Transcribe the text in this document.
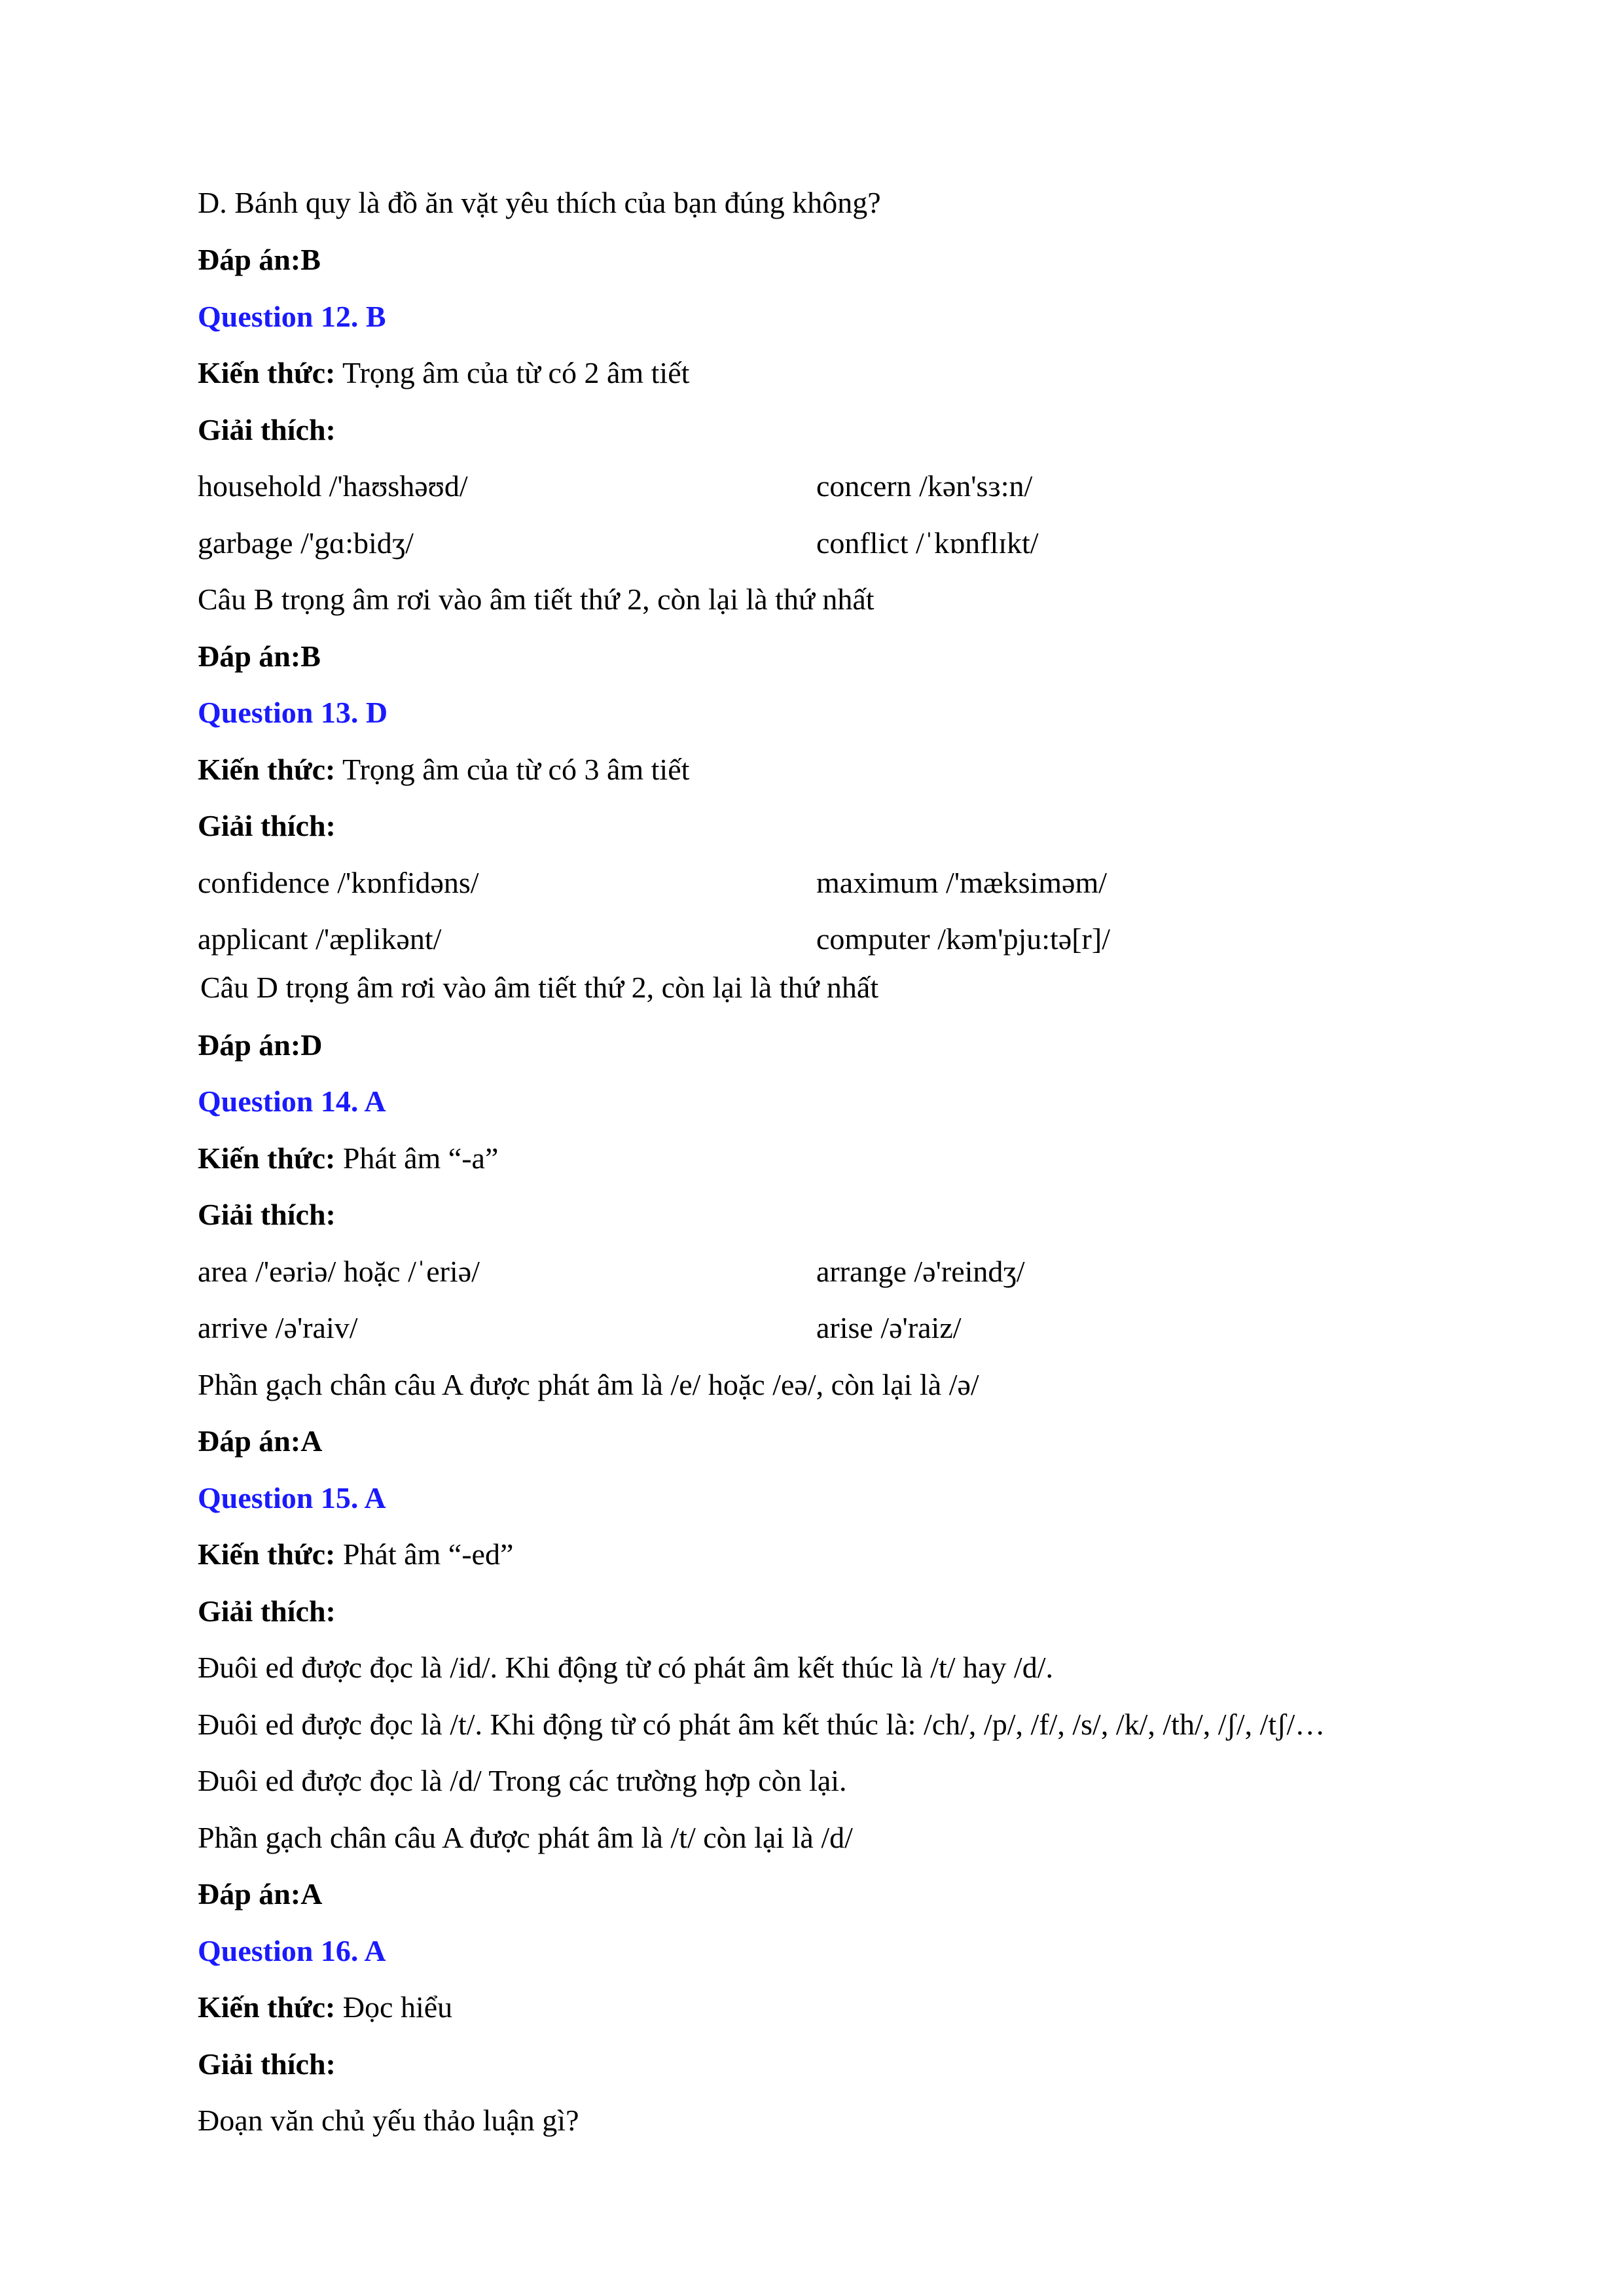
D. Bánh quy là đồ ăn vặt yêu thích của bạn đúng không?
Đáp án:B
Question 12. B
Kiến thức: Trọng âm của từ có 2 âm tiết
Giải thích:
household /'haʊshəʊd/	concern /kən'sɜ:n/
garbage /'gɑ:bidʒ/	conflict /ˈkɒnflɪkt/
Câu B trọng âm rơi vào âm tiết thứ 2, còn lại là thứ nhất
Đáp án:B
Question 13. D
Kiến thức: Trọng âm của từ có 3 âm tiết
Giải thích:
confidence /'kɒnfidəns/	maximum /'mæksiməm/
applicant /'æplikənt/	computer /kəm'pju:tə[r]/
Câu D trọng âm rơi vào âm tiết thứ 2, còn lại là thứ nhất
Đáp án:D
Question 14. A
Kiến thức: Phát âm “-a”
Giải thích:
area /'eəriə/ hoặc /ˈeriə/	arrange /ə'reindʒ/
arrive /ə'raiv/	arise /ə'raiz/
Phần gạch chân câu A được phát âm là /e/ hoặc /eə/, còn lại là /ə/
Đáp án:A
Question 15. A
Kiến thức: Phát âm “-ed”
Giải thích:
Đuôi ed được đọc là /id/. Khi động từ có phát âm kết thúc là /t/ hay /d/.
Đuôi ed được đọc là /t/. Khi động từ có phát âm kết thúc là: /ch/, /p/, /f/, /s/, /k/, /th/, /ʃ/, /tʃ/…
Đuôi ed được đọc là /d/ Trong các trường hợp còn lại.
Phần gạch chân câu A được phát âm là /t/ còn lại là /d/
Đáp án:A
Question 16. A
Kiến thức: Đọc hiểu
Giải thích:
Đoạn văn chủ yếu thảo luận gì?
